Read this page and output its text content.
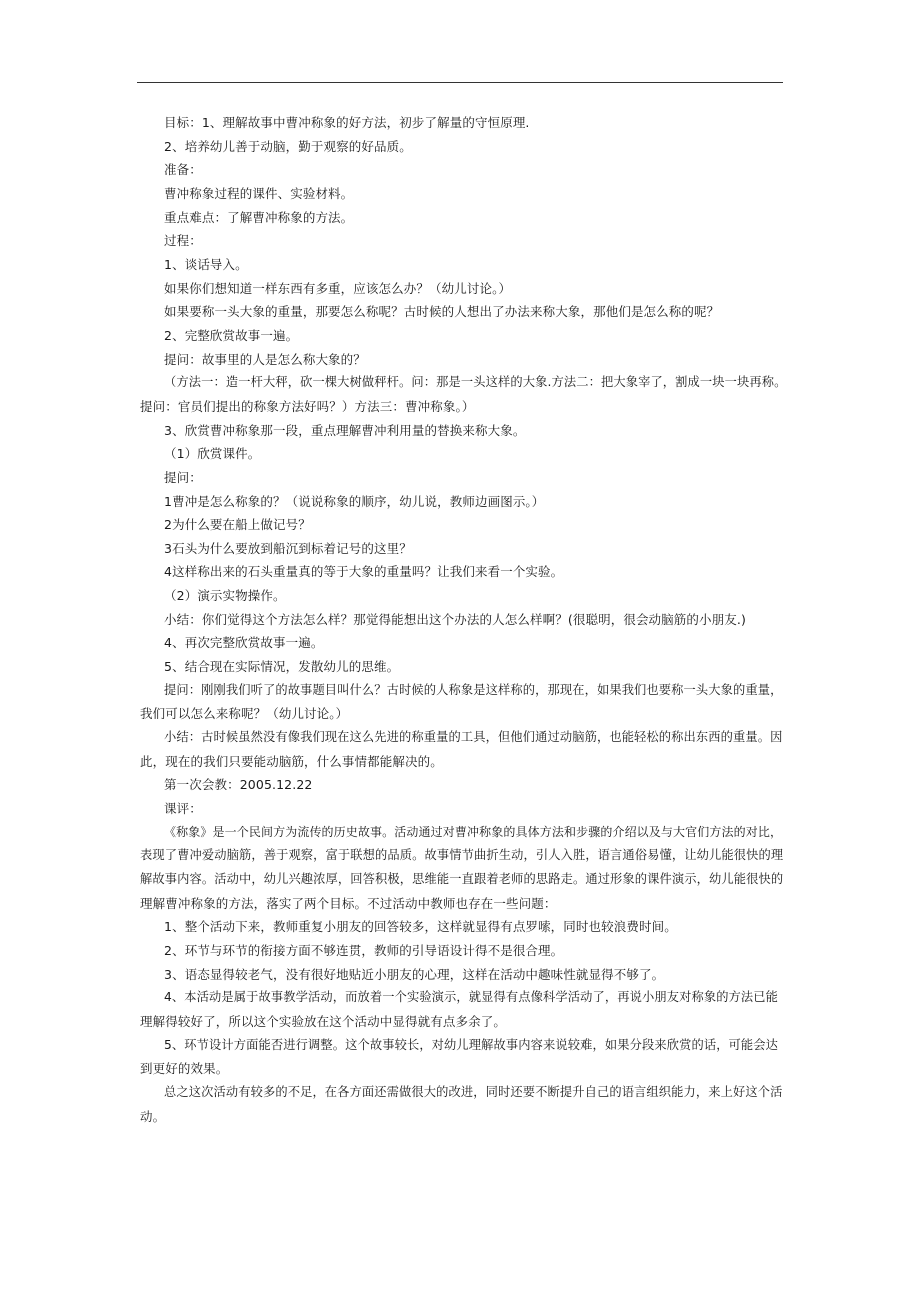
目标：1、理解故事中曹冲称象的好方法，初步了解量的守恒原理.
2、培养幼儿善于动脑，勤于观察的好品质。
准备：
曹冲称象过程的课件、实验材料。
重点难点：了解曹冲称象的方法。
过程：
1、谈话导入。
如果你们想知道一样东西有多重，应该怎么办？（幼儿讨论。）
如果要称一头大象的重量，那要怎么称呢？古时候的人想出了办法来称大象，那他们是怎么称的呢？
2、完整欣赏故事一遍。
提问：故事里的人是怎么称大象的？
（方法一：造一杆大秤，砍一棵大树做秤杆。问：那是一头这样的大象.方法二：把大象宰了，割成一块一块再称。
提问：官员们提出的称象方法好吗？）方法三：曹冲称象。）
3、欣赏曹冲称象那一段，重点理解曹冲利用量的替换来称大象。
（1）欣赏课件。
提问：
1曹冲是怎么称象的？（说说称象的顺序，幼儿说，教师边画图示。）
2为什么要在船上做记号？
3石头为什么要放到船沉到标着记号的这里？
4这样称出来的石头重量真的等于大象的重量吗？让我们来看一个实验。
（2）演示实物操作。
小结：你们觉得这个方法怎么样？那觉得能想出这个办法的人怎么样啊？(很聪明，很会动脑筋的小朋友.)
4、再次完整欣赏故事一遍。
5、结合现在实际情况，发散幼儿的思维。
提问：刚刚我们听了的故事题目叫什么？古时候的人称象是这样称的，那现在，如果我们也要称一头大象的重量，
我们可以怎么来称呢？（幼儿讨论。）
小结：古时候虽然没有像我们现在这么先进的称重量的工具，但他们通过动脑筋，也能轻松的称出东西的重量。因
此，现在的我们只要能动脑筋，什么事情都能解决的。
第一次会教：2005.12.22
课评：
《称象》是一个民间方为流传的历史故事。活动通过对曹冲称象的具体方法和步骤的介绍以及与大官们方法的对比，
表现了曹冲爱动脑筋，善于观察，富于联想的品质。故事情节曲折生动，引人入胜，语言通俗易懂，让幼儿能很快的理
解故事内容。活动中，幼儿兴趣浓厚，回答积极，思维能一直跟着老师的思路走。通过形象的课件演示，幼儿能很快的
理解曹冲称象的方法，落实了两个目标。不过活动中教师也存在一些问题：
1、整个活动下来，教师重复小朋友的回答较多，这样就显得有点罗嗦，同时也较浪费时间。
2、环节与环节的衔接方面不够连贯，教师的引导语设计得不是很合理。
3、语态显得较老气，没有很好地贴近小朋友的心理，这样在活动中趣味性就显得不够了。
4、本活动是属于故事教学活动，而放着一个实验演示，就显得有点像科学活动了，再说小朋友对称象的方法已能
理解得较好了，所以这个实验放在这个活动中显得就有点多余了。
5、环节设计方面能否进行调整。这个故事较长，对幼儿理解故事内容来说较难，如果分段来欣赏的话，可能会达
到更好的效果。
总之这次活动有较多的不足，在各方面还需做很大的改进，同时还要不断提升自己的语言组织能力，来上好这个活
动。
